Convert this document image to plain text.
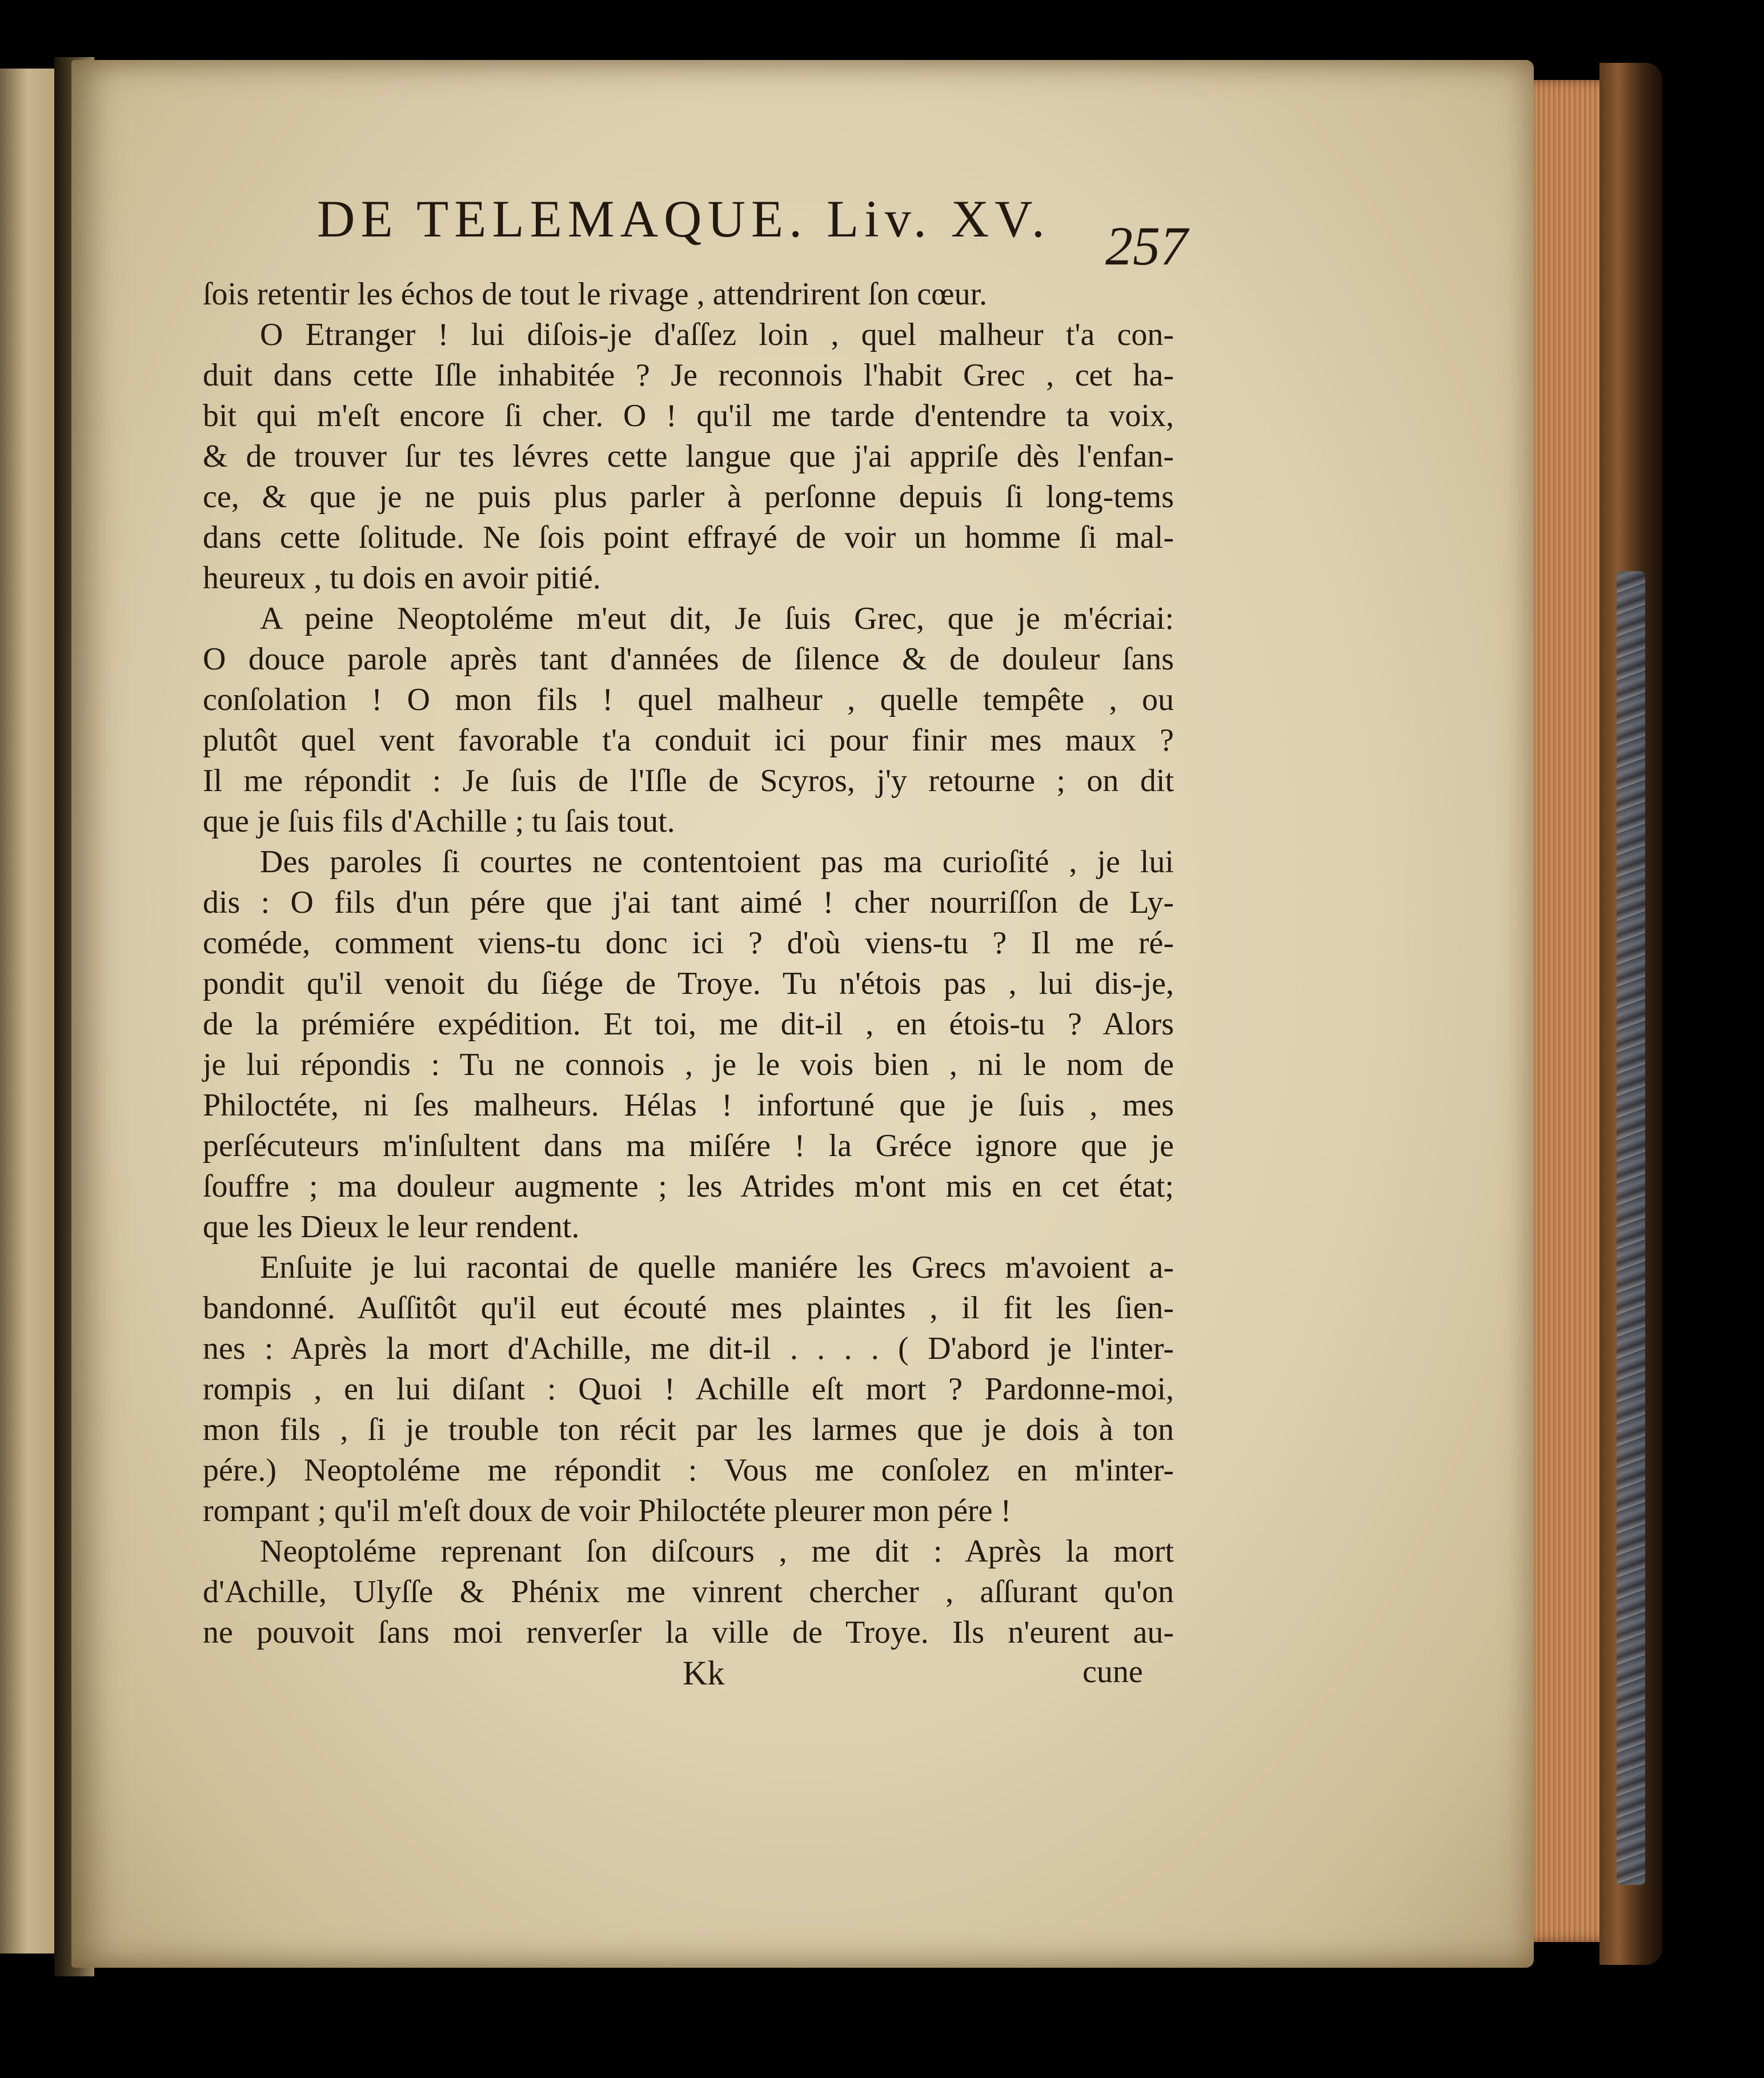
DE TELEMAQUE. Liv. XV.	257
ſois retentir les échos de tout le rivage , attendrirent ſon cœur.
O Etranger ! lui diſois-je d'aſſez loin , quel malheur t'a con-
duit dans cette Iſle inhabitée ? Je reconnois l'habit Grec , cet ha-
bit qui m'eſt encore ſi cher. O ! qu'il me tarde d'entendre ta voix,
& de trouver ſur tes lévres cette langue que j'ai appriſe dès l'enfan-
ce, & que je ne puis plus parler à perſonne depuis ſi long-tems
dans cette ſolitude. Ne ſois point effrayé de voir un homme ſi mal-
heureux , tu dois en avoir pitié.
A peine Neoptoléme m'eut dit, Je ſuis Grec, que je m'écriai:
O douce parole après tant d'années de ſilence & de douleur ſans
conſolation ! O mon fils ! quel malheur , quelle tempête , ou
plutôt quel vent favorable t'a conduit ici pour finir mes maux ?
Il me répondit : Je ſuis de l'Iſle de Scyros, j'y retourne ; on dit
que je ſuis fils d'Achille ; tu ſais tout.
Des paroles ſi courtes ne contentoient pas ma curioſité , je lui
dis : O fils d'un pére que j'ai tant aimé ! cher nourriſſon de Ly-
coméde, comment viens-tu donc ici ? d'où viens-tu ? Il me ré-
pondit qu'il venoit du ſiége de Troye. Tu n'étois pas , lui dis-je,
de la prémiére expédition. Et toi, me dit-il , en étois-tu ? Alors
je lui répondis : Tu ne connois , je le vois bien , ni le nom de
Philoctéte, ni ſes malheurs. Hélas ! infortuné que je ſuis , mes
perſécuteurs m'inſultent dans ma miſére ! la Gréce ignore que je
ſouffre ; ma douleur augmente ; les Atrides m'ont mis en cet état;
que les Dieux le leur rendent.
Enſuite je lui racontai de quelle maniére les Grecs m'avoient a-
bandonné. Auſſitôt qu'il eut écouté mes plaintes , il fit les ſien-
nes : Après la mort d'Achille, me dit-il . . . . ( D'abord je l'inter-
rompis , en lui diſant : Quoi ! Achille eſt mort ? Pardonne-moi,
mon fils , ſi je trouble ton récit par les larmes que je dois à ton
pére.) Neoptoléme me répondit : Vous me conſolez en m'inter-
rompant ; qu'il m'eſt doux de voir Philoctéte pleurer mon pére !
Neoptoléme reprenant ſon diſcours , me dit : Après la mort
d'Achille, Ulyſſe & Phénix me vinrent chercher , aſſurant qu'on
ne pouvoit ſans moi renverſer la ville de Troye. Ils n'eurent au-
Kk	cune
